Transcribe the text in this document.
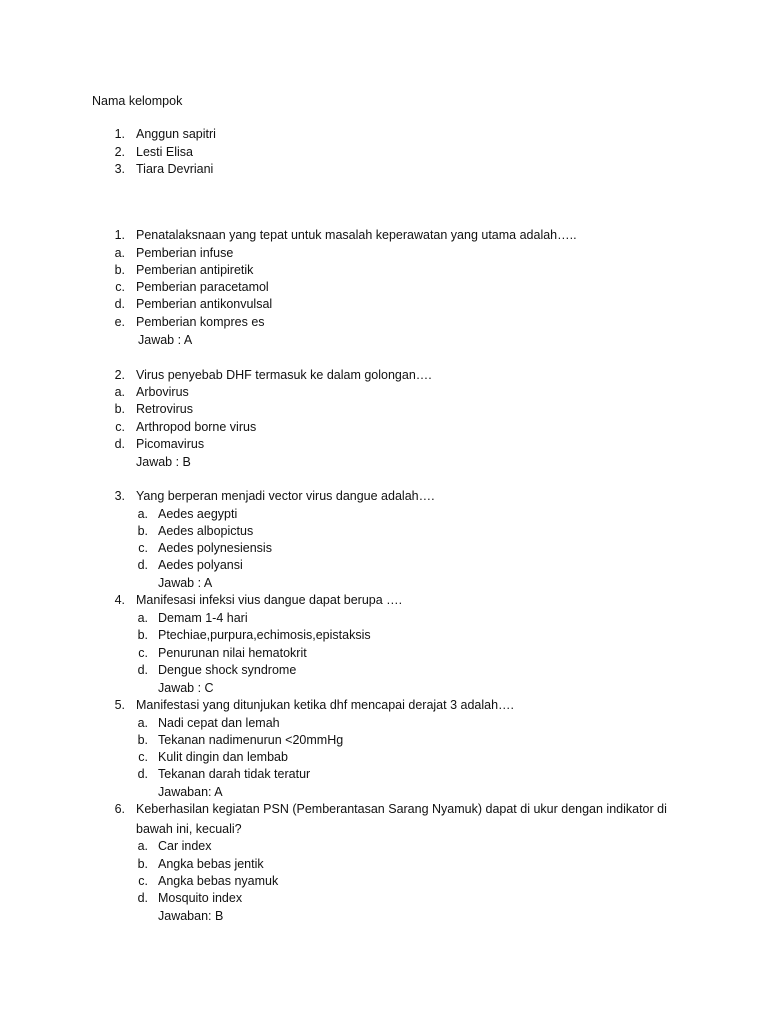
Nama kelompok
1. Anggun sapitri
2. Lesti Elisa
3. Tiara Devriani
1. Penatalaksnaan yang tepat untuk masalah keperawatan yang utama adalah…..
a. Pemberian infuse
b. Pemberian antipiretik
c. Pemberian paracetamol
d. Pemberian antikonvulsal
e. Pemberian kompres es
Jawab : A
2. Virus penyebab DHF termasuk ke dalam golongan….
a. Arbovirus
b. Retrovirus
c. Arthropod borne virus
d. Picomavirus
Jawab : B
3. Yang berperan menjadi vector virus dangue adalah….
a. Aedes aegypti
b. Aedes albopictus
c. Aedes polynesiensis
d. Aedes polyansi
Jawab : A
4. Manifesasi infeksi vius dangue dapat berupa ….
a. Demam 1-4 hari
b. Ptechiae,purpura,echimosis,epistaksis
c. Penurunan nilai hematokrit
d. Dengue shock syndrome
Jawab : C
5. Manifestasi yang ditunjukan ketika dhf mencapai derajat 3 adalah….
a. Nadi cepat dan lemah
b. Tekanan nadimenurun <20mmHg
c. Kulit dingin dan lembab
d. Tekanan darah tidak teratur
Jawaban: A
6. Keberhasilan kegiatan PSN (Pemberantasan Sarang Nyamuk) dapat di ukur dengan indikator di
bawah ini, kecuali?
a. Car index
b. Angka bebas jentik
c. Angka bebas nyamuk
d. Mosquito index
Jawaban: B
